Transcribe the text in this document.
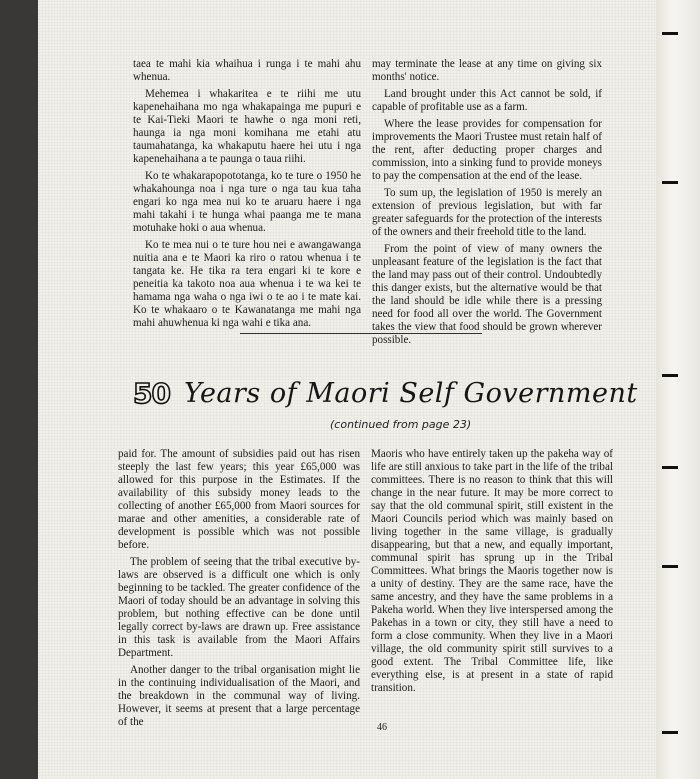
taea te mahi kia whaihua i runga i te mahi ahu whenua.

Mehemea i whakaritea e te riihi me utu kapenehaihana mo nga whakapainga me pupuri e te Kai-Tieki Maori te hawhe o nga moni reti, haunga ia nga moni komihana me etahi atu taumahatanga, ka whakaputu haere hei utu i nga kapenehaihana a te paunga o taua riihi.

Ko te whakarapopototanga, ko te ture o 1950 he whakahounga noa i nga ture o nga tau kua taha engari ko nga mea nui ko te aruaru haere i nga mahi takahi i te hunga whai paanga me te mana motuhake hoki o aua whenua.

Ko te mea nui o te ture hou nei e awangawanga nuitia ana e te Maori ka riro o ratou whenua i te tangata ke. He tika ra tera engari ki te kore e peneitia ka takoto noa aua whenua i te wa kei te hamama nga waha o nga iwi o te ao i te mate kai. Ko te whakaaro o te Kawanatanga me mahi nga mahi ahuwhenua ki nga wahi e tika ana.

may terminate the lease at any time on giving six months' notice.

Land brought under this Act cannot be sold, if capable of profitable use as a farm.

Where the lease provides for compensation for improvements the Maori Trustee must retain half of the rent, after deducting proper charges and commission, into a sinking fund to provide moneys to pay the compensation at the end of the lease.

To sum up, the legislation of 1950 is merely an extension of previous legislation, but with far greater safeguards for the protection of the interests of the owners and their freehold title to the land.

From the point of view of many owners the unpleasant feature of the legislation is the fact that the land may pass out of their control. Undoubtedly this danger exists, but the alternative would be that the land should be idle while there is a pressing need for food all over the world. The Government takes the view that food should be grown wherever possible.

50 Years of Maori Self Government
(continued from page 23)

paid for. The amount of subsidies paid out has risen steeply the last few years; this year £65,000 was allowed for this purpose in the Estimates. If the availability of this subsidy money leads to the collecting of another £65,000 from Maori sources for marae and other amenities, a considerable rate of development is possible which was not possible before.

The problem of seeing that the tribal executive by-laws are observed is a difficult one which is only beginning to be tackled. The greater confidence of the Maori of today should be an advantage in solving this problem, but nothing effective can be done until legally correct by-laws are drawn up. Free assistance in this task is available from the Maori Affairs Department.

Another danger to the tribal organisation might lie in the continuing individualisation of the Maori, and the breakdown in the communal way of living. However, it seems at present that a large percentage of the

Maoris who have entirely taken up the pakeha way of life are still anxious to take part in the life of the tribal committees. There is no reason to think that this will change in the near future. It may be more correct to say that the old communal spirit, still existent in the Maori Councils period which was mainly based on living together in the same village, is gradually disappearing, but that a new, and equally important, communal spirit has sprung up in the Tribal Committees. What brings the Maoris together now is a unity of destiny. They are the same race, have the same ancestry, and they have the same problems in a Pakeha world. When they live interspersed among the Pakehas in a town or city, they still have a need to form a close community. When they live in a Maori village, the old community spirit still survives to a good extent. The Tribal Committee life, like everything else, is at present in a state of rapid transition.

46
